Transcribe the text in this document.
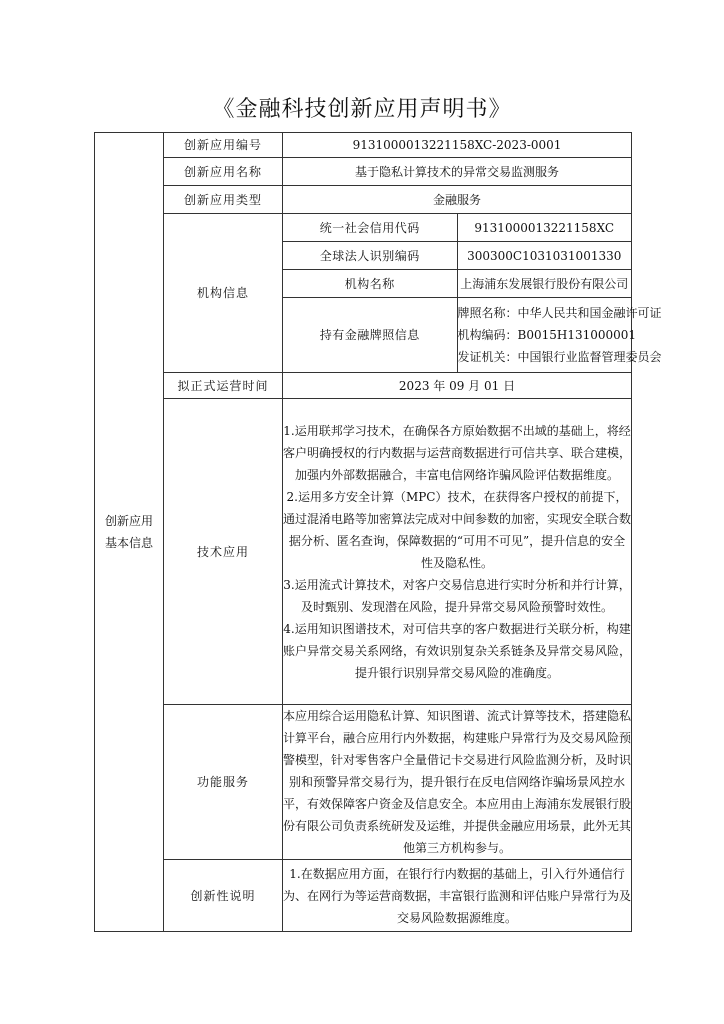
《金融科技创新应用声明书》
创新应用
基本信息	创新应用编号	9131000013221158XC-2023-0001	
	创新应用名称	基于隐私计算技术的异常交易监测服务	
	创新应用类型	金融服务	
	机构信息	统一社会信用代码	9131000013221158XC
		全球法人识别编码	300300C1031031001330
		机构名称	上海浦东发展银行股份有限公司
		持有金融牌照信息	牌照名称：中华人民共和国金融许可证
机构编码：B0015H131000001
发证机关：中国银行业监督管理委员会

	拟正式运营时间	2023 年 09 月 01 日	
	技术应用	1.运用联邦学习技术，在确保各方原始数据不出域的基础上，将经客户明确授权的行内数据与运营商数据进行可信共享、联合建模，加强内外部数据融合，丰富电信网络诈骗风险评估数据维度。

2.运用多方安全计算（MPC）技术，在获得客户授权的前提下，通过混淆电路等加密算法完成对中间参数的加密，实现安全联合数据分析、匿名查询，保障数据的“可用不可见”，提升信息的安全性及隐私性。

3.运用流式计算技术，对客户交易信息进行实时分析和并行计算，及时甄别、发现潜在风险，提升异常交易风险预警时效性。

4.运用知识图谱技术，对可信共享的客户数据进行关联分析，构建账户异常交易关系网络，有效识别复杂关系链条及异常交易风险，提升银行识别异常交易风险的准确度。	

	功能服务	本应用综合运用隐私计算、知识图谱、流式计算等技术，搭建隐私计算平台，融合应用行内外数据，构建账户异常行为及交易风险预警模型，针对零售客户全量借记卡交易进行风险监测分析，及时识别和预警异常交易行为，提升银行在反电信网络诈骗场景风控水平，有效保障客户资金及信息安全。本应用由上海浦东发展银行股份有限公司负责系统研发及运维，并提供金融应用场景，此外无其他第三方机构参与。	

	创新性说明	1.在数据应用方面，在银行行内数据的基础上，引入行外通信行为、在网行为等运营商数据，丰富银行监测和评估账户异常行为及交易风险数据源维度。	
